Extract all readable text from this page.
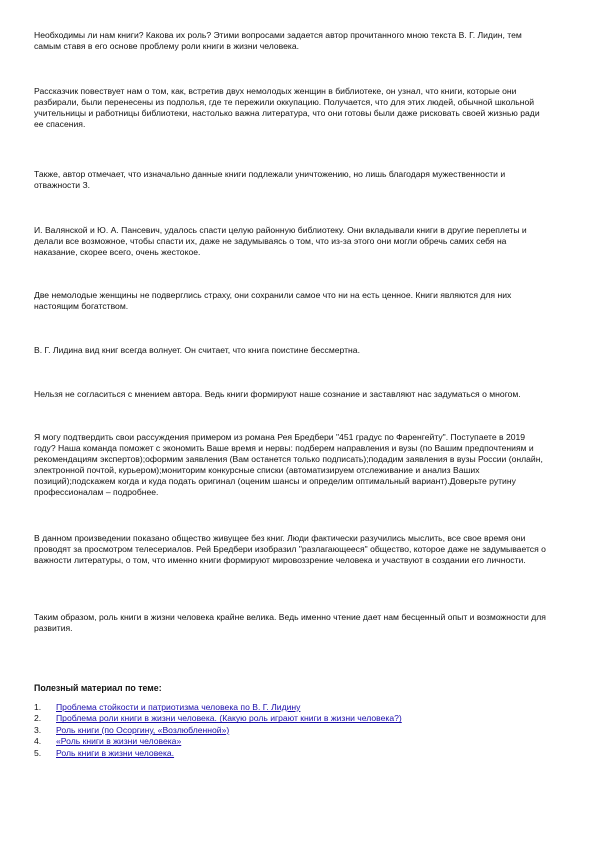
Необходимы ли нам книги? Какова их роль? Этими вопросами задается автор прочитанного мною текста В. Г. Лидин, тем самым ставя в его основе проблему роли книги в жизни человека.

Рассказчик повествует нам о том, как, встретив двух немолодых женщин в библиотеке, он узнал, что книги, которые они разбирали, были перенесены из подполья, где те пережили оккупацию. Получается, что для этих людей, обычной школьной учительницы и работницы библиотеки, настолько важна литература, что они готовы были даже рисковать своей жизнью ради ее спасения.

Также, автор отмечает, что изначально данные книги подлежали уничтожению, но лишь благодаря мужественности и отважности З.

И. Валянской и Ю. А. Пансевич, удалось спасти целую районную библиотеку. Они вкладывали книги в другие переплеты и делали все возможное, чтобы спасти их, даже не задумываясь о том, что из-за этого они могли обречь самих себя на наказание, скорее всего, очень жестокое.

Две немолодые женщины не подверглись страху, они сохранили самое что ни на есть ценное. Книги являются для них настоящим богатством.

В. Г. Лидина вид книг всегда волнует. Он считает, что книга поистине бессмертна.

Нельзя не согласиться с мнением автора. Ведь книги формируют наше сознание и заставляют нас задуматься о многом.

Я могу подтвердить свои рассуждения примером из романа Рея Бредбери "451 градус по Фаренгейту". Поступаете в 2019 году? Наша команда поможет с экономить Ваше время и нервы: подберем направления и вузы (по Вашим предпочтениям и рекомендациям экспертов);оформим заявления (Вам останется только подписать);подадим заявления в вузы России (онлайн, электронной почтой, курьером);мониторим конкурсные списки (автоматизируем отслеживание и анализ Ваших позиций);подскажем когда и куда подать оригинал (оценим шансы и определим оптимальный вариант).Доверьте рутину профессионалам – подробнее.

В данном произведении показано общество живущее без книг. Люди фактически разучились мыслить, все свое время они проводят за просмотром телесериалов. Рей Бредбери изобразил "разлагающееся" общество, которое даже не задумывается о важности литературы, о том, что именно книги формируют мировоззрение человека и участвуют в создании его личности.

Таким образом, роль книги в жизни человека крайне велика. Ведь именно чтение дает нам бесценный опыт и возможности для развития.

Полезный материал по теме:

1.	Проблема стойкости и патриотизма человека по В. Г. Лидину
2.	Проблема роли книги в жизни человека. (Какую роль играют книги в жизни человека?)
3.	Роль книги (по Осоргину, «Возлюбленной»)
4.	«Роль книги в жизни человека»
5.	Роль книги в жизни человека.
